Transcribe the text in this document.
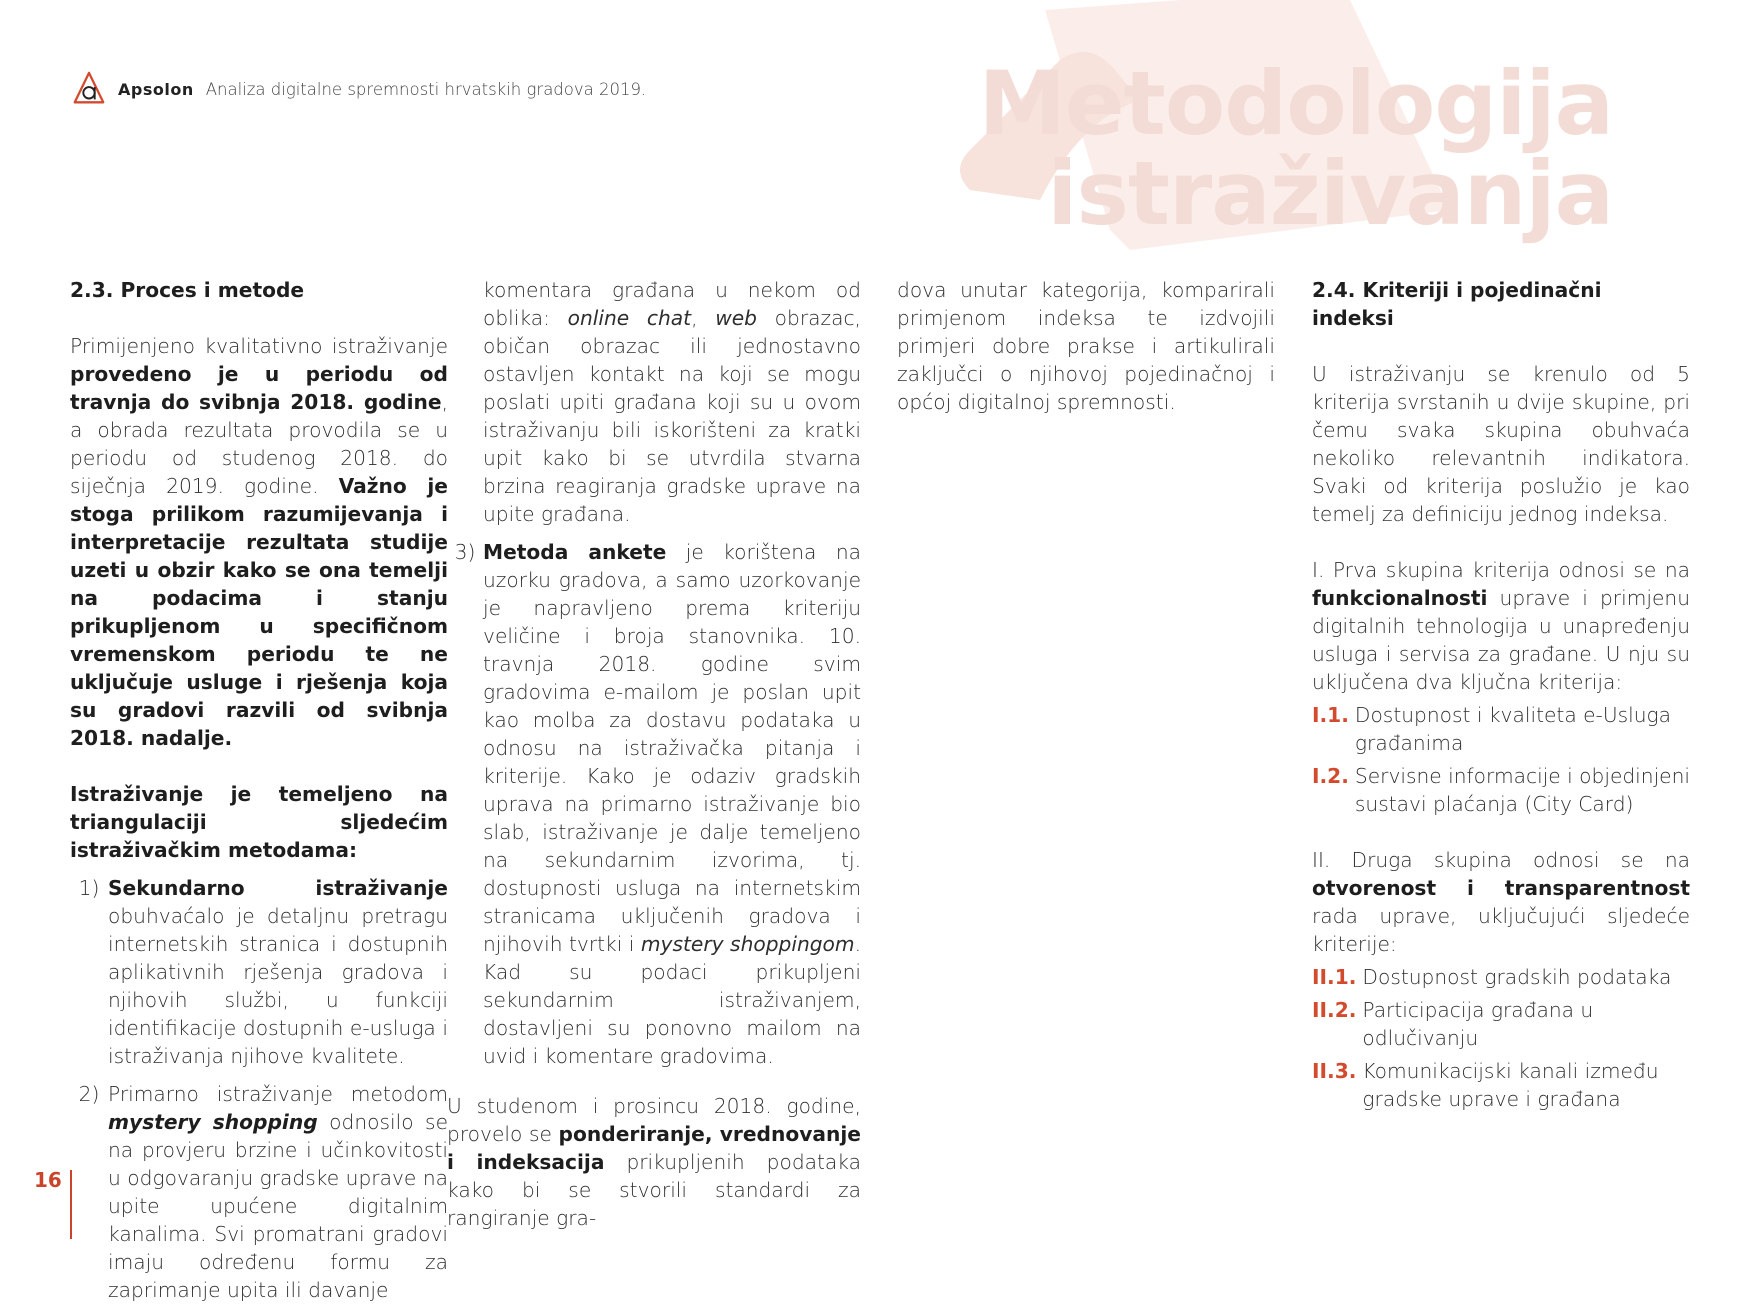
Apsolon Analiza digitalne spremnosti hrvatskih gradova 2019.	Metodologija
istraživanja
2.3. Proces i metode

Primijenjeno kvalitativno istraživanje provedeno je u periodu od travnja do svibnja 2018. godine, a obrada rezultata provodila se u periodu od studenog 2018. do siječnja 2019. godine. Važno je stoga prilikom razumijevanja i interpretacije rezultata studije uzeti u obzir kako se ona temelji na podacima i stanju prikupljenom u specifičnom vremenskom periodu te ne uključuje usluge i rješenja koja su gradovi razvili od svibnja 2018. nadalje.

Istraživanje je temeljeno na triangulaciji sljedećim istraživačkim metodama:

1) Sekundarno istraživanje obuhvaćalo je detaljnu pretragu internetskih stranica i dostupnih aplikativnih rješenja gradova i njihovih službi, u funkciji identifikacije dostupnih e-usluga i istraživanja njihove kvalitete.

2) Primarno istraživanje metodom mystery shopping odnosilo se na provjeru brzine i učinkovitosti u odgovaranju gradske uprave na upite upućene digitalnim kanalima. Svi promatrani gradovi imaju određenu formu za zaprimanje upita ili davanje

komentara građana u nekom od oblika: online chat, web obrazac, običan obrazac ili jednostavno ostavljen kontakt na koji se mogu poslati upiti građana koji su u ovom istraživanju bili iskorišteni za kratki upit kako bi se utvrdila stvarna brzina reagiranja gradske uprave na upite građana.

3) Metoda ankete je korištena na uzorku gradova, a samo uzorkovanje je napravljeno prema kriteriju veličine i broja stanovnika. 10. travnja 2018. godine svim gradovima e-mailom je poslan upit kao molba za dostavu podataka u odnosu na istraživačka pitanja i kriterije. Kako je odaziv gradskih uprava na primarno istraživanje bio slab, istraživanje je dalje temeljeno na sekundarnim izvorima, tj. dostupnosti usluga na internetskim stranicama uključenih gradova i njihovih tvrtki i mystery shoppingom. Kad su podaci prikupljeni sekundarnim istraživanjem, dostavljeni su ponovno mailom na uvid i komentare gradovima.

U studenom i prosincu 2018. godine, provelo se ponderiranje, vrednovanje i indeksacija prikupljenih podataka kako bi se stvorili standardi za rangiranje gra-

dova unutar kategorija, komparirali primjenom indeksa te izdvojili primjeri dobre prakse i artikulirali zaključci o njihovoj pojedinačnoj i općoj digitalnoj spremnosti.

2.4. Kriteriji i pojedinačni indeksi

U istraživanju se krenulo od 5 kriterija svrstanih u dvije skupine, pri čemu svaka skupina obuhvaća nekoliko relevantnih indikatora. Svaki od kriterija poslužio je kao temelj za definiciju jednog indeksa.

I. Prva skupina kriterija odnosi se na funkcionalnosti uprave i primjenu digitalnih tehnologija u unapređenju usluga i servisa za građane. U nju su uključena dva ključna kriterija:

I.1. Dostupnost i kvaliteta e-Usluga građanima
I.2. Servisne informacije i objedinjeni sustavi plaćanja (City Card)

II. Druga skupina odnosi se na otvorenost i transparentnost rada uprave, uključujući sljedeće kriterije:

II.1. Dostupnost gradskih podataka
II.2. Participacija građana u odlučivanju
II.3. Komunikacijski kanali između gradske uprave i građana
16
